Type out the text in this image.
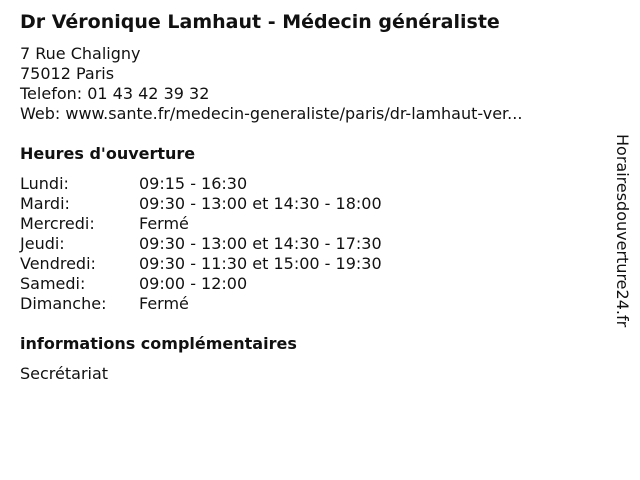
Dr Véronique Lamhaut - Médecin généraliste
7 Rue Chaligny
75012 Paris
Telefon: 01 43 42 39 32
Web: www.sante.fr/medecin-generaliste/paris/dr-lamhaut-ver...
Heures d'ouverture
Lundi:	09:15 - 16:30
Mardi:	09:30 - 13:00 et 14:30 - 18:00
Mercredi:	Fermé
Jeudi:	09:30 - 13:00 et 14:30 - 17:30
Vendredi:	09:30 - 11:30 et 15:00 - 19:30
Samedi:	09:00 - 12:00
Dimanche: Fermé
informations complémentaires
Secrétariat
Horairesdouverture24.fr
